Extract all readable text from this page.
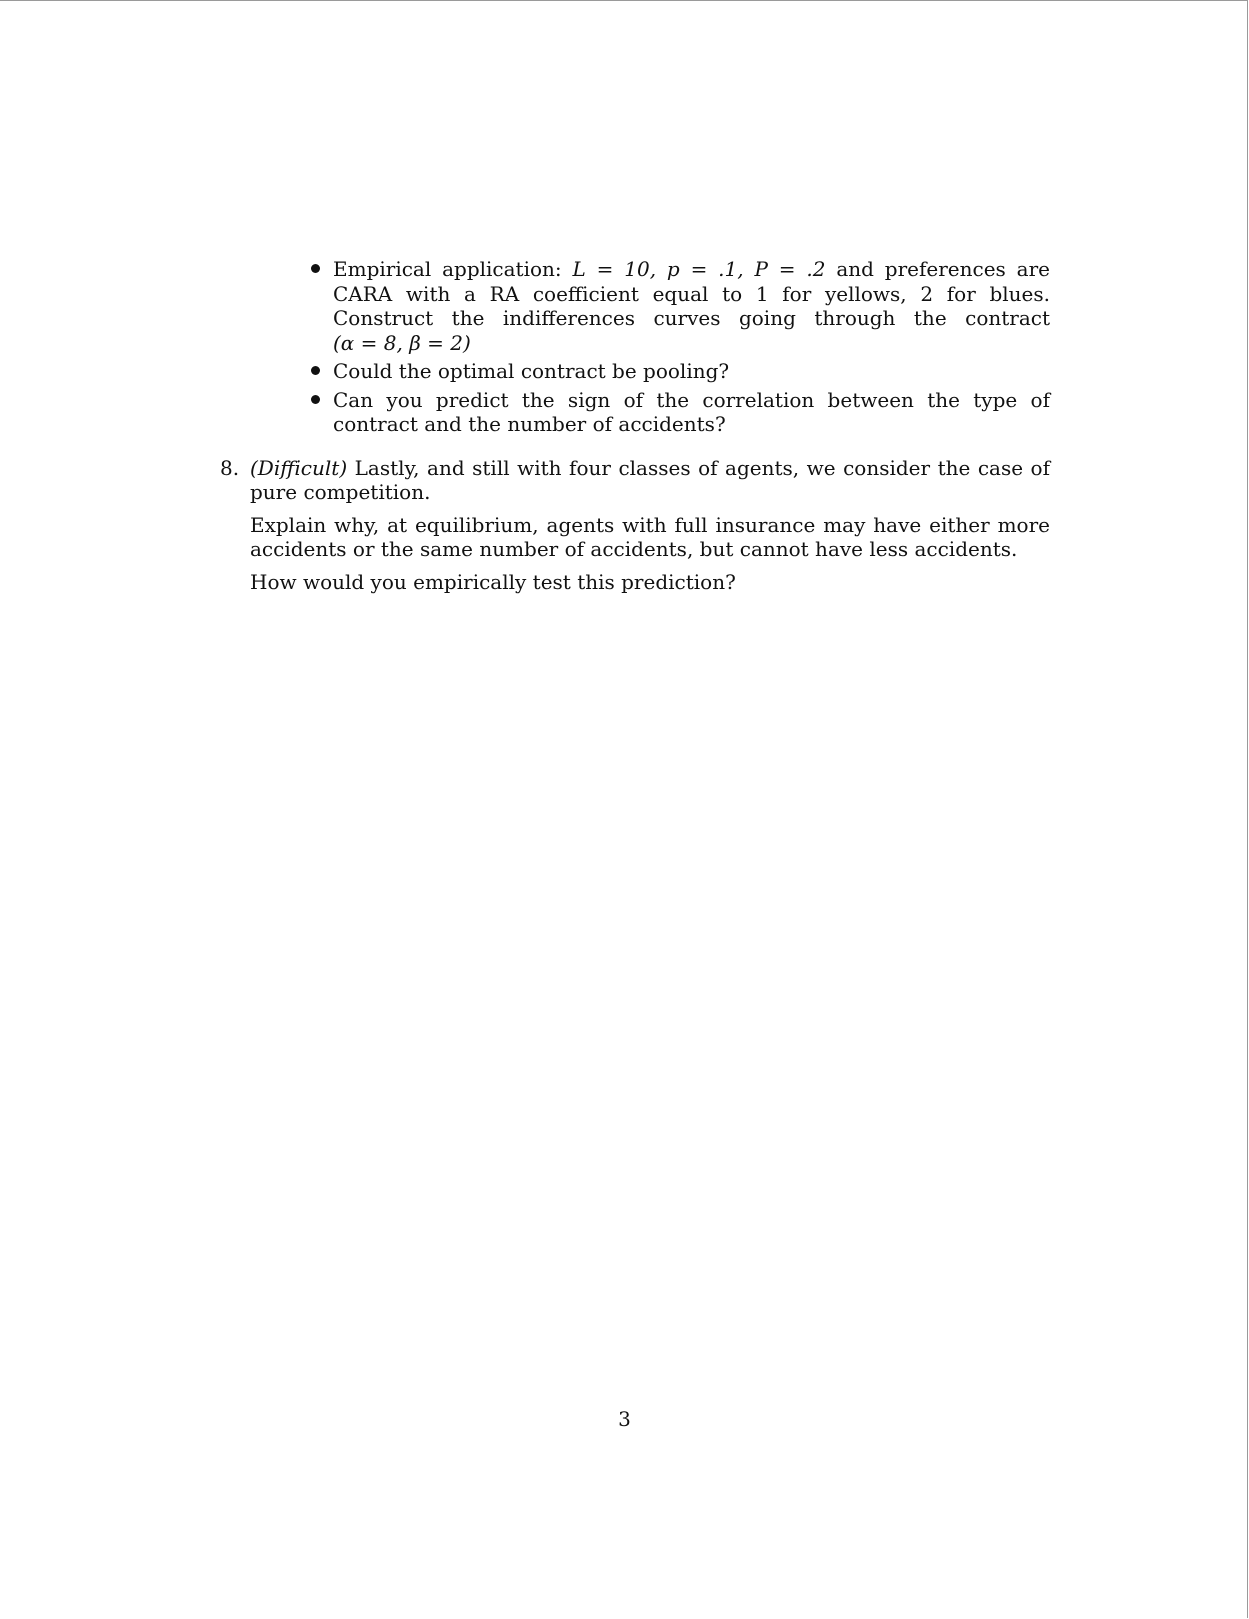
Empirical application: L = 10, p = .1, P = .2 and preferences are CARA with a RA coefficient equal to 1 for yellows, 2 for blues. Construct the indifferences curves going through the contract (α = 8, β = 2)
Could the optimal contract be pooling?
Can you predict the sign of the correlation between the type of contract and the number of accidents?
8. (Difficult) Lastly, and still with four classes of agents, we consider the case of pure competition.

Explain why, at equilibrium, agents with full insurance may have either more accidents or the same number of accidents, but cannot have less accidents.

How would you empirically test this prediction?

3
